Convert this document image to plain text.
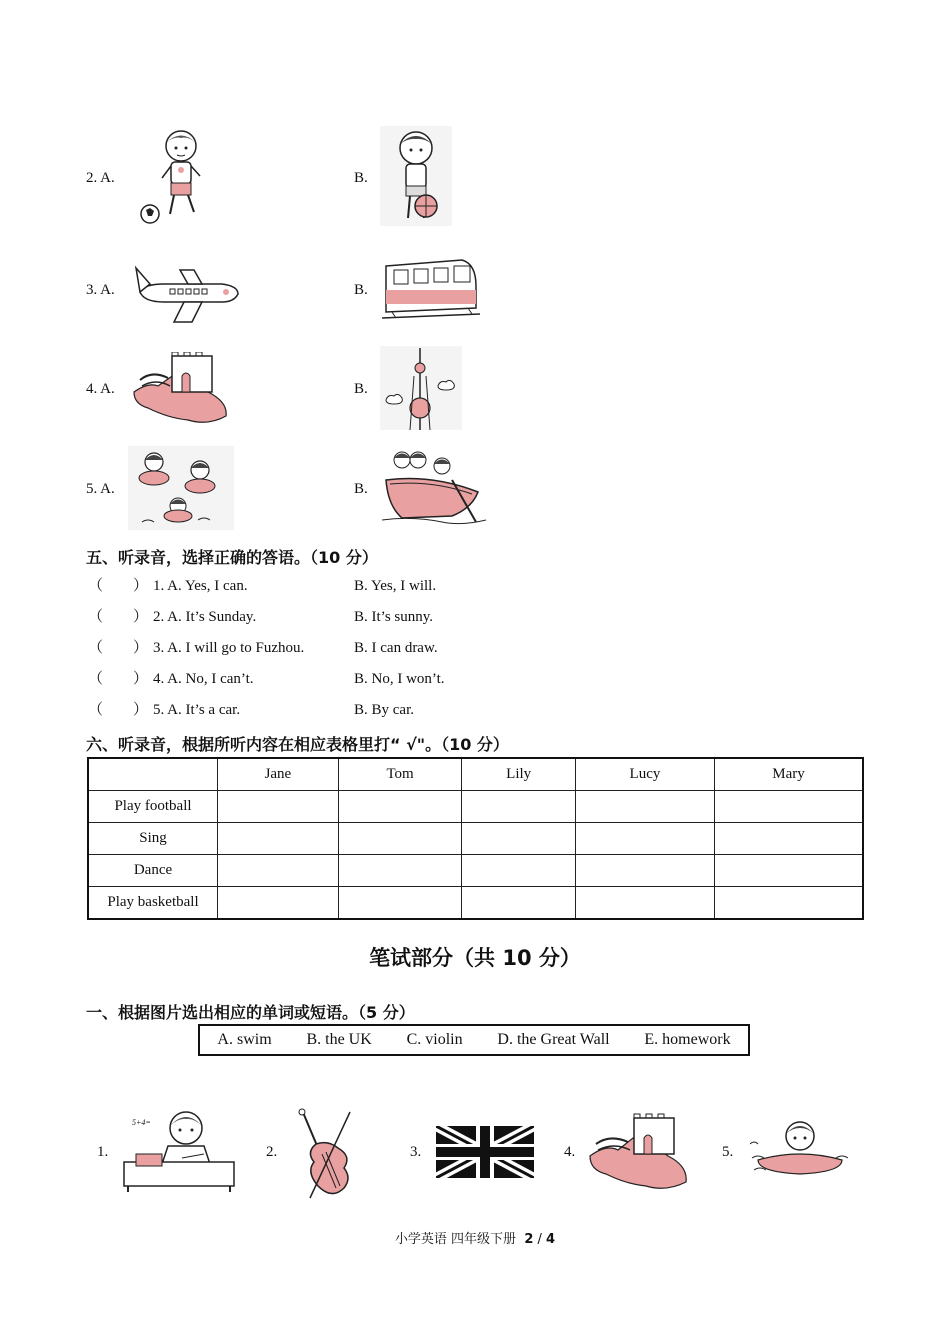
2. A.	B.
3. A.	B.
4. A.	B.
5. A.	B.
五、听录音，选择正确的答语。（10 分）
（　　） 1. A. Yes, I can.	B. Yes, I will.
（　　） 2. A. It’s Sunday.	B. It’s sunny.
（　　） 3. A. I will go to Fuzhou.	B. I can draw.
（　　） 4. A. No, I can’t.	B. No, I won’t.
（　　） 5. A. It’s a car.	B. By car.
六、听录音，根据所听内容在相应表格里打“ √"。（10 分）
	Jane	Tom	Lily	Lucy	Mary
Play football					
Sing					
Dance					
Play basketball					
笔试部分（共 10 分）
一、根据图片选出相应的单词或短语。（5 分）
A. swim B. the UK C. violin D. the Great Wall E. homework
1.	2.	3.	4.	5.
5+4=
小学英语 四年级下册 2 / 4
